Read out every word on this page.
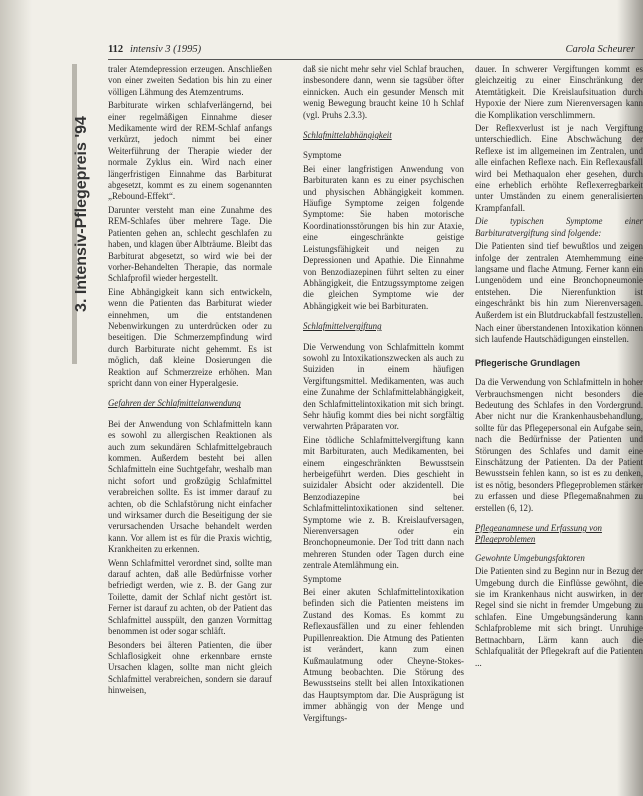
112 intensiv 3 (1995)	Carola Scheurer
3. Intensiv-Pflegepreis '94

traler Atemdepression erzeugen. Anschließen von einer zweiten Sedation bis hin zu einer völligen Lähmung des Atemzentrums.

Barbiturate wirken schlafverlängernd, bei einer regelmäßigen Einnahme dieser Medikamente wird der REM-Schlaf anfangs verkürzt, jedoch nimmt bei einer Weiterführung der Therapie wieder der normale Zyklus ein. Wird nach einer längerfristigen Einnahme das Barbiturat abgesetzt, kommt es zu einem sogenannten „Rebound-Effekt“.

Darunter versteht man eine Zunahme des REM-Schlafes über mehrere Tage. Die Patienten gehen an, schlecht geschlafen zu haben, und klagen über Albträume. Bleibt das Barbiturat abgesetzt, so wird wie bei der vorher-Behandelten Therapie, das normale Schlafprofil wieder hergestellt.

Eine Abhängigkeit kann sich entwickeln, wenn die Patienten das Barbiturat wieder einnehmen, um die entstandenen Nebenwirkungen zu unterdrücken oder zu beseitigen. Die Schmerzempfindung wird durch Barbiturate nicht gehemmt. Es ist möglich, daß kleine Dosierungen die Reaktion auf Schmerzreize erhöhen. Man spricht dann von einer Hyperalgesie.

Gefahren der Schlafmittelanwendung

Bei der Anwendung von Schlafmitteln kann es sowohl zu allergischen Reaktionen als auch zum sekundären Schlafmittelgebrauch kommen. Außerdem besteht bei allen Schlafmitteln eine Suchtgefahr, weshalb man nicht sofort und großzügig Schlafmittel verabreichen sollte. Es ist immer darauf zu achten, ob die Schlafstörung nicht einfacher und wirksamer durch die Beseitigung der sie verursachenden Ursache behandelt werden kann. Vor allem ist es für die Praxis wichtig, Krankheiten zu erkennen.

Wenn Schlafmittel verordnet sind, sollte man darauf achten, daß alle Bedürfnisse vorher befriedigt werden, wie z. B. der Gang zur Toilette, damit der Schlaf nicht gestört ist. Ferner ist darauf zu achten, ob der Patient das Schlafmittel ausspült, den ganzen Vormittag benommen ist oder sogar schläft.

Besonders bei älteren Patienten, die über Schlaflosigkeit ohne erkennbare ernste Ursachen klagen, sollte man nicht gleich Schlafmittel verabreichen, sondern sie darauf hinweisen,

daß sie nicht mehr sehr viel Schlaf brauchen, insbesondere dann, wenn sie tagsüber öfter einnicken. Auch ein gesunder Mensch mit wenig Bewegung braucht keine 10 h Schlaf (vgl. Pruhs 2.3.3).

Schlafmittelabhängigkeit

Symptome

Bei einer langfristigen Anwendung von Barbituraten kann es zu einer psychischen und physischen Abhängigkeit kommen. Häufige Symptome zeigen folgende Symptome: Sie haben motorische Koordinationsstörungen bis hin zur Ataxie, eine eingeschränkte geistige Leistungsfähigkeit und neigen zu Depressionen und Apathie. Die Einnahme von Benzodiazepinen führt selten zu einer Abhängigkeit, die Entzugssymptome zeigen die gleichen Symptome wie der Abhängigkeit wie bei Barbituraten.

Schlafmittelvergiftung

Die Verwendung von Schlafmitteln kommt sowohl zu Intoxikationszwecken als auch zu Suiziden in einem häufigen Vergiftungsmittel. Medikamenten, was auch eine Zunahme der Schlafmittelabhängigkeit, den Schlafmittelintoxikation mit sich bringt. Sehr häufig kommt dies bei nicht sorgfältig verwahrten Präparaten vor.

Eine tödliche Schlafmittelvergiftung kann mit Barbituraten, auch Medikamenten, bei einem eingeschränkten Bewusstsein herbeigeführt werden. Dies geschieht in suizidaler Absicht oder akzidentell. Die Benzodiazepine bei Schlafmittelintoxikationen sind seltener. Symptome wie z. B. Kreislaufversagen, Nierenversagen oder ein Bronchopneumonie. Der Tod tritt dann nach mehreren Stunden oder Tagen durch eine zentrale Atemlähmung ein.

Symptome

Bei einer akuten Schlafmittelintoxikation befinden sich die Patienten meistens im Zustand des Komas. Es kommt zu Reflexausfällen und zu einer fehlenden Pupillenreaktion. Die Atmung des Patienten ist verändert, kann zum einen Kußmaulatmung oder Cheyne-Stokes-Atmung beobachten. Die Störung des Bewusstseins stellt bei allen Intoxikationen das Hauptsymptom dar. Die Ausprägung ist immer abhängig von der Menge und Vergiftungs-

dauer. In schwerer Vergiftungen kommt es gleichzeitig zu einer Einschränkung der Atemtätigkeit. Die Kreislaufsituation durch Hypoxie der Niere zum Nierenversagen kann die Komplikation verschlimmern.

Der Reflexverlust ist je nach Vergiftung unterschiedlich. Eine Abschwächung der Reflexe ist im allgemeinen im Zentralen, und alle einfachen Reflexe nach. Ein Reflexausfall wird bei Methaqualon eher gesehen, durch eine erheblich erhöhte Reflexerregbarkeit unter Umständen zu einem generalisierten Krampfanfall.

Die typischen Symptome einer Barbituratvergiftung sind folgende:

Die Patienten sind tief bewußtlos und zeigen infolge der zentralen Atemhemmung eine langsame und flache Atmung. Ferner kann ein Lungenödem und eine Bronchopneumonie entstehen. Die Nierenfunktion ist eingeschränkt bis hin zum Nierenversagen. Außerdem ist ein Blutdruckabfall festzustellen.

Nach einer überstandenen Intoxikation können sich laufende Hautschädigungen einstellen.

Pflegerische Grundlagen

Da die Verwendung von Schlafmitteln in hoher Verbrauchsmengen nicht besonders die Bedeutung des Schlafes in den Vordergrund. Aber nicht nur die Krankenhausbehandlung, sollte für das Pflegepersonal ein Aufgabe sein, nach die Bedürfnisse der Patienten und Störungen des Schlafes und damit eine Einschätzung der Patienten. Da der Patient Bewusstsein fehlen kann, so ist es zu denken, ist es nötig, besonders Pflegeproblemen stärker zu erfassen und diese Pflegemaßnahmen zu erstellen (6, 12).

Pflegeanamnese und Erfassung von Pflegeproblemen

Gewohnte Umgebungsfaktoren

Die Patienten sind zu Beginn nur in Bezug der Umgebung durch die Einflüsse gewöhnt, die sie im Krankenhaus nicht auswirken, in der Regel sind sie nicht in fremder Umgebung zu schlafen. Eine Umgebungsänderung kann Schlafprobleme mit sich bringt. Unruhige Bettnachbarn, Lärm kann auch die Schlafqualität der Pflegekraft auf die Patienten ...
